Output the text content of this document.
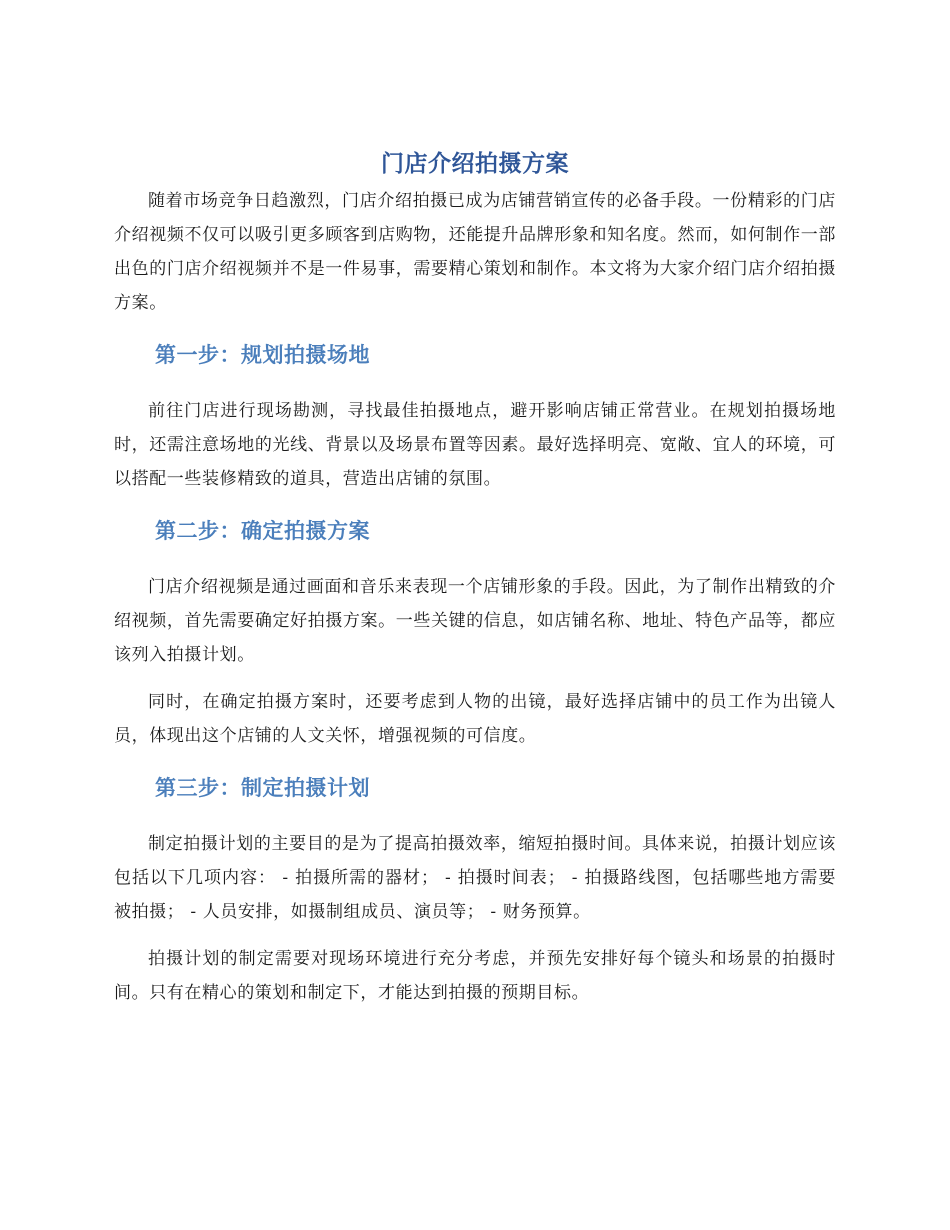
门店介绍拍摄方案

随着市场竞争日趋激烈，门店介绍拍摄已成为店铺营销宣传的必备手段。一份精彩的门店介绍视频不仅可以吸引更多顾客到店购物，还能提升品牌形象和知名度。然而，如何制作一部出色的门店介绍视频并不是一件易事，需要精心策划和制作。本文将为大家介绍门店介绍拍摄方案。

第一步：规划拍摄场地

前往门店进行现场勘测，寻找最佳拍摄地点，避开影响店铺正常营业。在规划拍摄场地时，还需注意场地的光线、背景以及场景布置等因素。最好选择明亮、宽敞、宜人的环境，可以搭配一些装修精致的道具，营造出店铺的氛围。

第二步：确定拍摄方案

门店介绍视频是通过画面和音乐来表现一个店铺形象的手段。因此，为了制作出精致的介绍视频，首先需要确定好拍摄方案。一些关键的信息，如店铺名称、地址、特色产品等，都应该列入拍摄计划。

同时，在确定拍摄方案时，还要考虑到人物的出镜，最好选择店铺中的员工作为出镜人员，体现出这个店铺的人文关怀，增强视频的可信度。

第三步：制定拍摄计划

制定拍摄计划的主要目的是为了提高拍摄效率，缩短拍摄时间。具体来说，拍摄计划应该包括以下几项内容： - 拍摄所需的器材； - 拍摄时间表； - 拍摄路线图，包括哪些地方需要被拍摄； - 人员安排，如摄制组成员、演员等； - 财务预算。

拍摄计划的制定需要对现场环境进行充分考虑，并预先安排好每个镜头和场景的拍摄时间。只有在精心的策划和制定下，才能达到拍摄的预期目标。
